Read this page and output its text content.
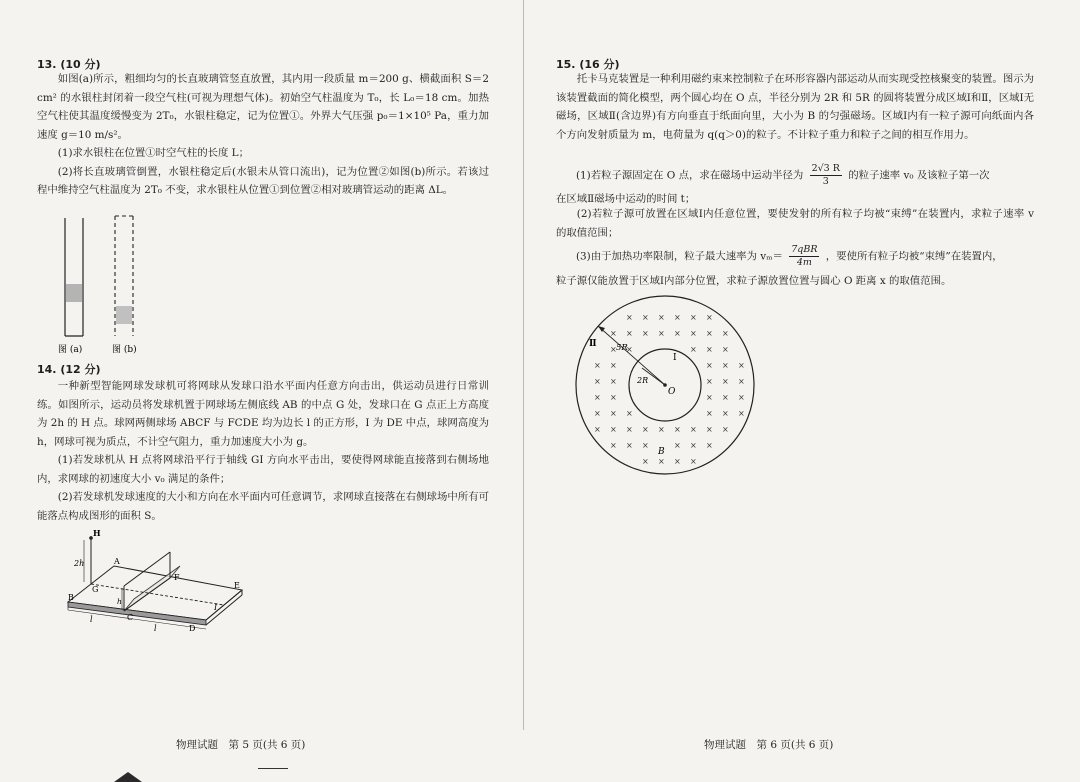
13. (10 分)

如图(a)所示，粗细均匀的长直玻璃管竖直放置，其内用一段质量 m＝200 g、横截面积 S＝2 cm² 的水银柱封闭着一段空气柱(可视为理想气体)。初始空气柱温度为 T₀，长 L₀＝18 cm。加热空气柱使其温度缓慢变为 2T₀，水银柱稳定，记为位置①。外界大气压强 p₀＝1×10⁵ Pa，重力加速度 g＝10 m/s²。

(1)求水银柱在位置①时空气柱的长度 L；

(2)将长直玻璃管倒置，水银柱稳定后(水银未从管口流出)，记为位置②如图(b)所示。若该过程中维持空气柱温度为 2T₀ 不变，求水银柱从位置①到位置②相对玻璃管运动的距离 ΔL。

图 (a)	图 (b)
14. (12 分)

一种新型智能网球发球机可将网球从发球口沿水平面内任意方向击出，供运动员进行日常训练。如图所示，运动员将发球机置于网球场左侧底线 AB 的中点 G 处，发球口在 G 点正上方高度为 2h 的 H 点。球网两侧球场 ABCF 与 FCDE 均为边长 l 的正方形，I 为 DE 中点，球网高度为 h，网球可视为质点，不计空气阻力，重力加速度大小为 g。

(1)若发球机从 H 点将网球沿平行于轴线 GI 方向水平击出，要使得网球能直接落到右侧场地内，求网球的初速度大小 v₀ 满足的条件；

(2)若发球机发球速度的大小和方向在水平面内可任意调节，求网球直接落在右侧球场中所有可能落点构成图形的面积 S。

H
2h	A
B
C
D
E
F
G
I
h
l
l
物理试题　第 5 页(共 6 页)
15. (16 分)

托卡马克装置是一种利用磁约束来控制粒子在环形容器内部运动从而实现受控核聚变的装置。图示为该装置截面的简化模型，两个圆心均在 O 点，半径分别为 2R 和 5R 的圆将装置分成区域Ⅰ和Ⅱ，区域Ⅰ无磁场，区域Ⅱ(含边界)有方向垂直于纸面向里，大小为 B 的匀强磁场。区域Ⅰ内有一粒子源可向纸面内各个方向发射质量为 m，电荷量为 q(q＞0)的粒子。不计粒子重力和粒子之间的相互作用力。

(1)若粒子源固定在 O 点，求在磁场中运动半径为 $\frac{2√3 R}{3}$ 的粒子速率 v₀ 及该粒子第一次
在区域Ⅱ磁场中运动的时间 t；

(2)若粒子源可放置在区域Ⅰ内任意位置，要使发射的所有粒子均被“束缚”在装置内，求粒子速率 v 的取值范围；

(3)由于加热功率限制，粒子最大速率为 vₘ＝
7qBR
4m	，要使所有粒子均被“束缚”在装置内，
粒子源仅能放置于区域Ⅰ内部分位置，求粒子源放置位置与圆心 O 距离 x 的取值范围。
物理试题　第 6 页(共 6 页)
× × × × × ×
× × × × × × × ×
× ×	× × ×
× ×	× × ×
× ×	× × ×
× ×	× × ×
× × ×	× × ×
× × × × × × × × ×
× × ×	× × ×
× × × ×
Ⅱ 5R
Ⅰ
2R
O
B
